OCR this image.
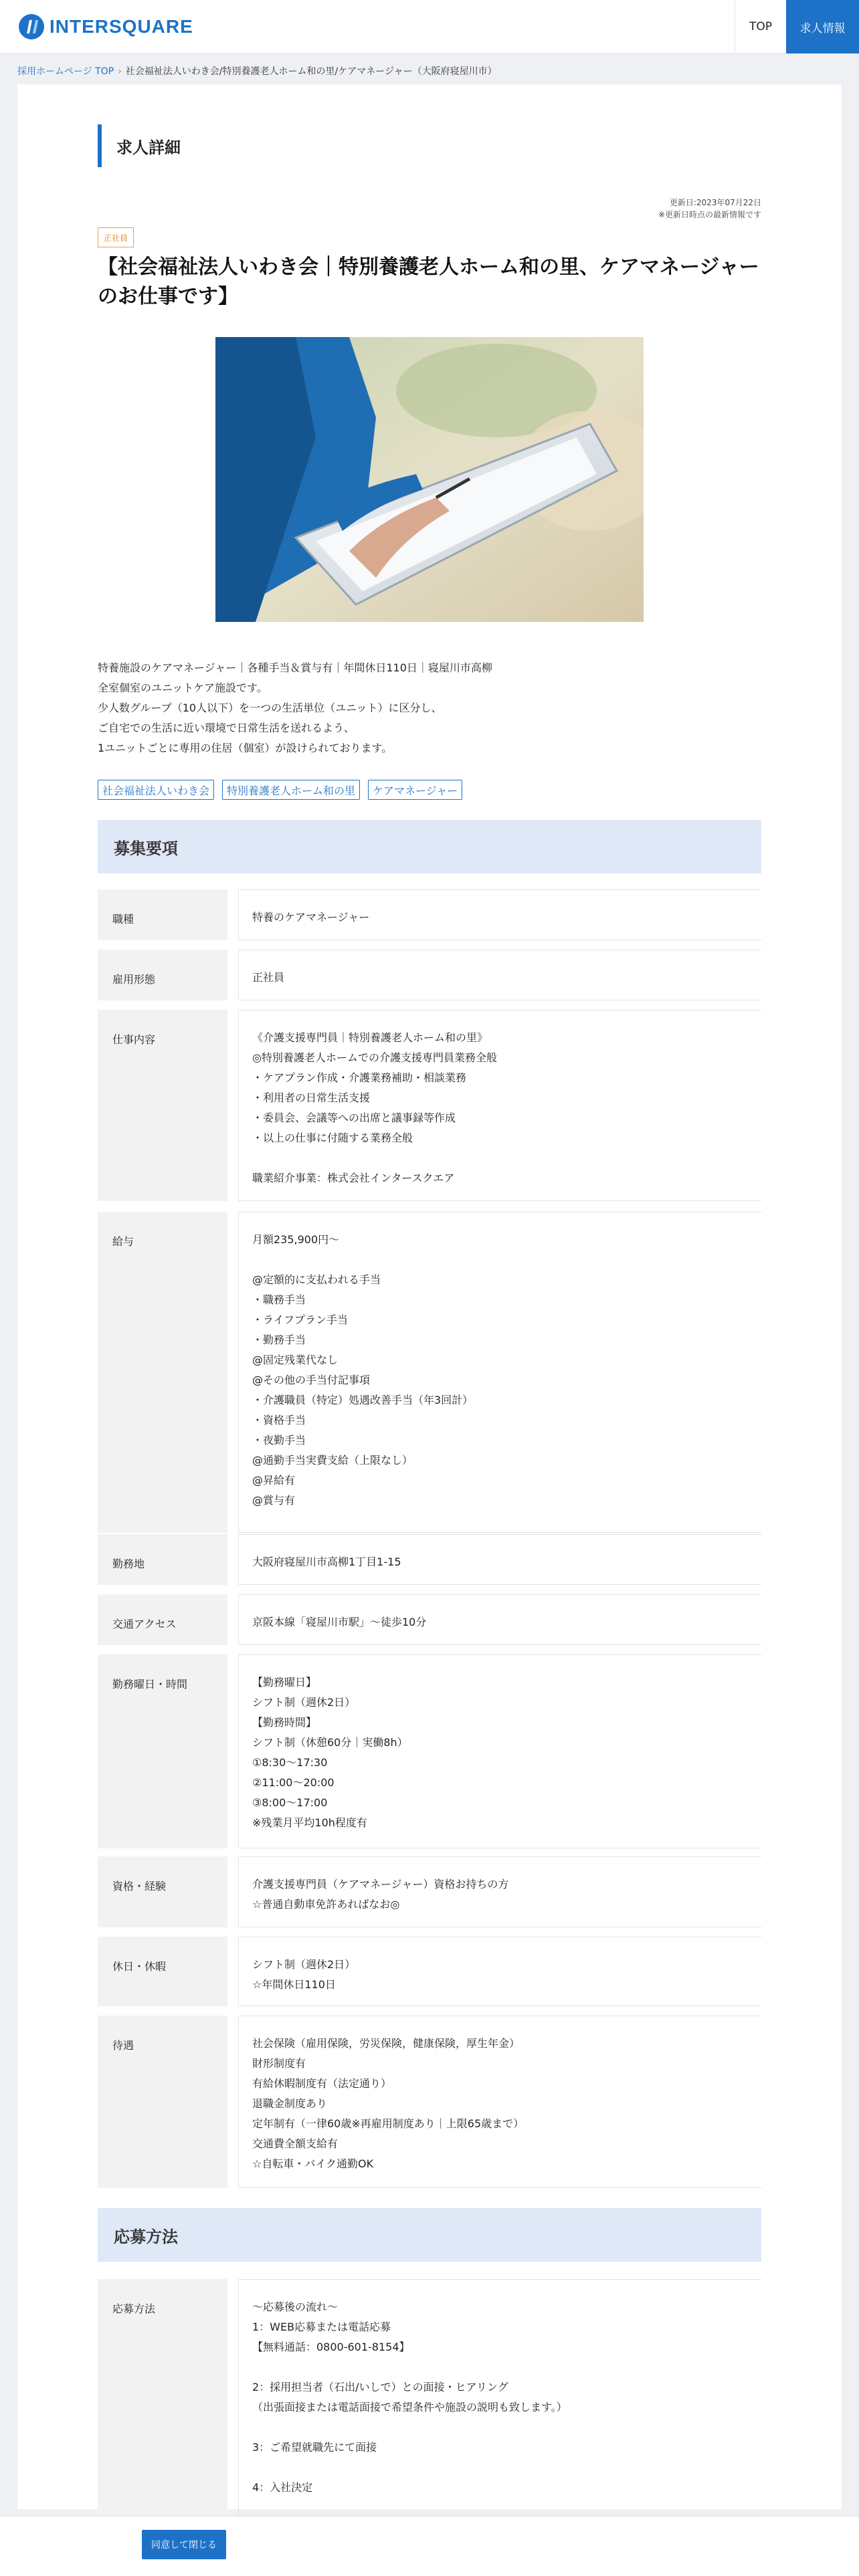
INTERSQUARE	TOP	求人情報
採用ホームページ TOP › 社会福祉法人いわき会/特別養護老人ホーム和の里/ケアマネージャー（大阪府寝屋川市）
求人詳細
更新日:2023年07月22日
※更新日時点の最新情報です
正社員
【社会福祉法人いわき会｜特別養護老人ホーム和の里、ケアマネージャーのお仕事です】
特養施設のケアマネージャー｜各種手当＆賞与有｜年間休日110日｜寝屋川市高柳
全室個室のユニットケア施設です。
少人数グループ（10人以下）を一つの生活単位（ユニット）に区分し、
ご自宅での生活に近い環境で日常生活を送れるよう、
1ユニットごとに専用の住居（個室）が設けられております。
社会福祉法人いわき会	特別養護老人ホーム和の里	ケアマネージャー
募集要項
職種	特養のケアマネージャー
雇用形態	正社員
仕事内容	《介護支援専門員｜特別養護老人ホーム和の里》
◎特別養護老人ホームでの介護支援専門員業務全般
・ケアプラン作成・介護業務補助・相談業務
・利用者の日常生活支援
・委員会、会議等への出席と議事録等作成
・以上の仕事に付随する業務全般

職業紹介事業：株式会社インタースクエア
給与	月額235,900円〜

@定額的に支払われる手当
・職務手当
・ライフプラン手当
・勤務手当
@固定残業代なし
@その他の手当付記事項
・介護職員（特定）処遇改善手当（年3回計）
・資格手当
・夜勤手当
@通勤手当実費支給（上限なし）
@昇給有
@賞与有
勤務地	大阪府寝屋川市高柳1丁目1-15
交通アクセス	京阪本線「寝屋川市駅」〜徒歩10分
勤務曜日・時間	【勤務曜日】
シフト制（週休2日）
【勤務時間】
シフト制（休憩60分｜実働8h）
①8:30〜17:30
②11:00〜20:00
③8:00〜17:00
※残業月平均10h程度有
資格・経験	介護支援専門員（ケアマネージャー）資格お持ちの方
☆普通自動車免許あればなお◎
休日・休暇	シフト制（週休2日）
☆年間休日110日
待遇	社会保険（雇用保険，労災保険，健康保険，厚生年金）
財形制度有
有給休暇制度有（法定通り）
退職金制度あり
定年制有（一律60歳※再雇用制度あり｜上限65歳まで）
交通費全額支給有
☆自転車・バイク通勤OK
応募方法
応募方法	〜応募後の流れ〜
1：WEB応募または電話応募
【無料通話：0800-601-8154】

2：採用担当者（石出/いしで）との面接・ヒアリング
（出張面接または電話面接で希望条件や施設の説明も致します。）

3：ご希望就職先にて面接

4：入社決定
同意して閉じる
